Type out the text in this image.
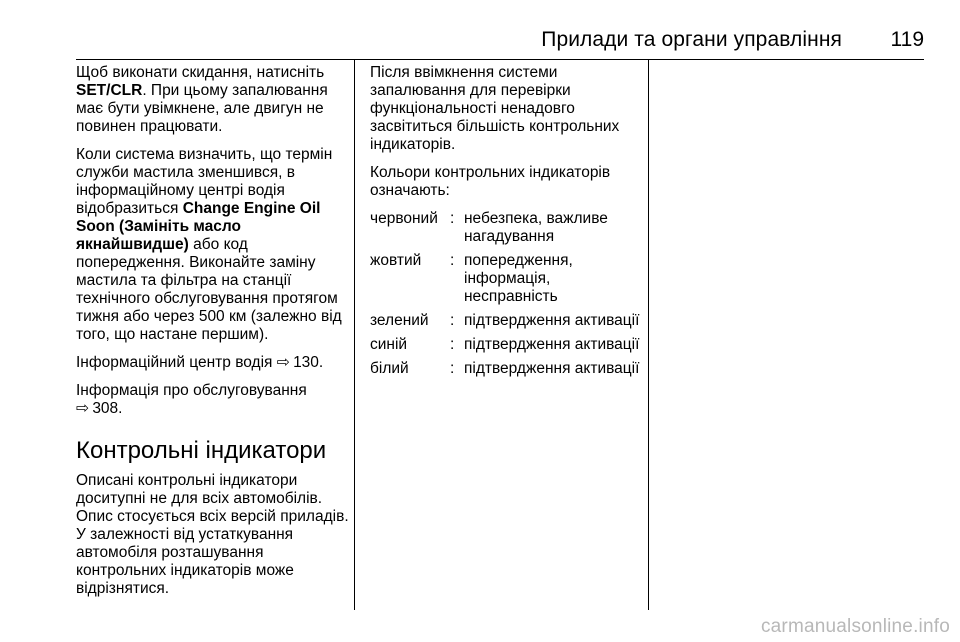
Прилади та органи управління 119

Щоб виконати скидання, натисніть SET/CLR. При цьому запалювання має бути увімкнене, але двигун не повинен працювати.

Коли система визначить, що термін служби мастила зменшився, в інформаційному центрі водія відобразиться Change Engine Oil Soon (Замініть масло якнайшвидше) або код попередження. Виконайте заміну мастила та фільтра на станції технічного обслуговування протягом тижня або через 500 км (залежно від того, що настане першим).

Інформаційний центр водія ⇨ 130.

Інформація про обслуговування
⇨ 308.

Контрольні індикатори

Описані контрольні індикатори доситупні не для всіх автомобілів. Опис стосується всіх версій приладів. У залежності від устаткування автомобіля розташування контрольних індикаторів може відрізнятися.

Після ввімкнення системи запалювання для перевірки функціональності ненадовго засвітиться більшість контрольних індикаторів.

Кольори контрольних індикаторів означають:

червоний : небезпека, важливе нагадування
жовтий	: попередження, інформація, несправність
зелений	: підтвердження активації
синій	: підтвердження активації
білий	: підтвердження активації
carmanualsonline.info
